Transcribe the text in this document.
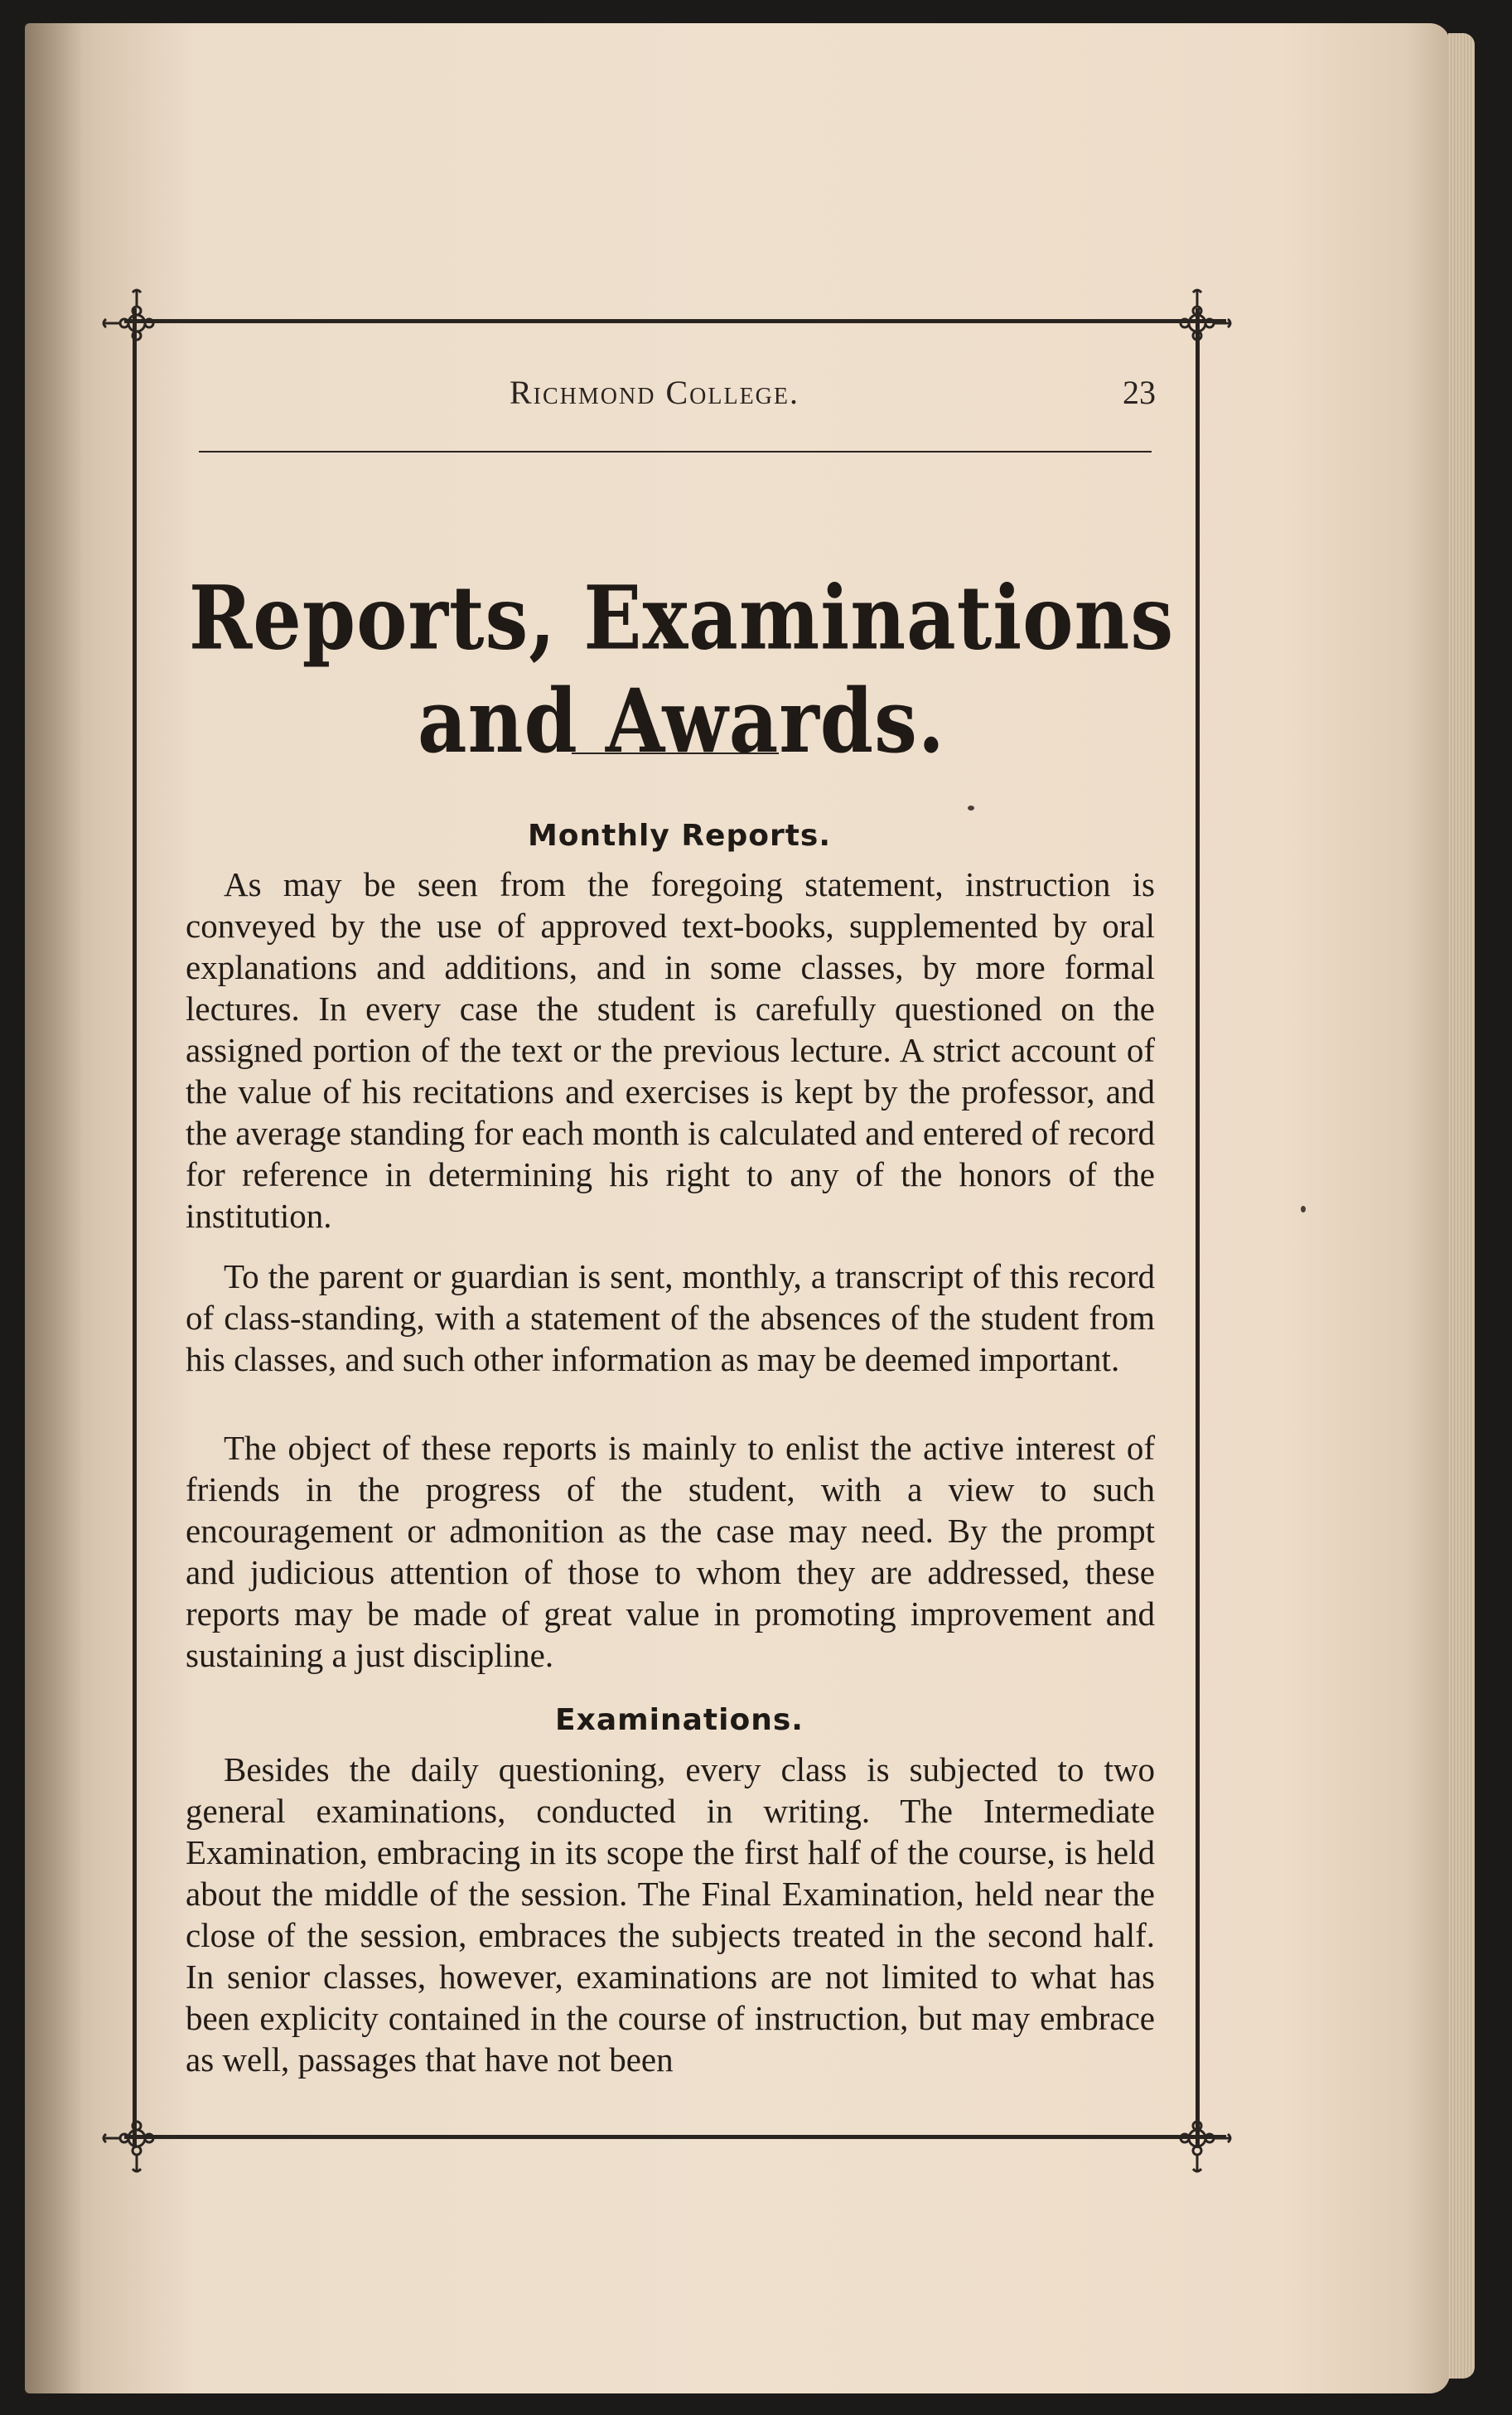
Richmond College.	23
Reports, Examinations and Awards.
Monthly Reports.

As may be seen from the foregoing statement, instruction is conveyed by the use of approved text-books, supplemented by oral explanations and additions, and in some classes, by more formal lectures. In every case the student is carefully questioned on the assigned portion of the text or the previous lecture. A strict account of the value of his recitations and exercises is kept by the professor, and the average standing for each month is calculated and entered of record for reference in determining his right to any of the honors of the institution.

To the parent or guardian is sent, monthly, a transcript of this record of class-standing, with a statement of the absences of the student from his classes, and such other information as may be deemed important.

The object of these reports is mainly to enlist the active interest of friends in the progress of the student, with a view to such encouragement or admonition as the case may need. By the prompt and judicious attention of those to whom they are addressed, these reports may be made of great value in promoting improvement and sustaining a just discipline.

Examinations.

Besides the daily questioning, every class is subjected to two general examinations, conducted in writing. The Intermediate Examination, embracing in its scope the first half of the course, is held about the middle of the session. The Final Examination, held near the close of the session, embraces the subjects treated in the second half. In senior classes, however, examinations are not limited to what has been explicity contained in the course of instruction, but may embrace as well, passages that have not been
